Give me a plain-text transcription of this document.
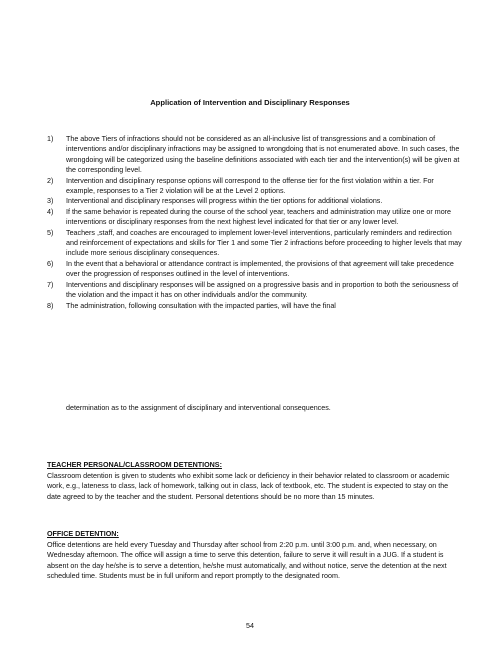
Application of Intervention and Disciplinary Responses
1) The above Tiers of infractions should not be considered as an all-inclusive list of transgressions and a combination of interventions and/or disciplinary infractions may be assigned to wrongdoing that is not enumerated above. In such cases, the wrongdoing will be categorized using the baseline definitions associated with each tier and the intervention(s) will be given at the corresponding level.
2) Intervention and disciplinary response options will correspond to the offense tier for the first violation within a tier. For example, responses to a Tier 2 violation will be at the Level 2 options.
3) Interventional and disciplinary responses will progress within the tier options for additional violations.
4) If the same behavior is repeated during the course of the school year, teachers and administration may utilize one or more interventions or disciplinary responses from the next highest level indicated for that tier or any lower level.
5) Teachers ,staff, and coaches are encouraged to implement lower-level interventions, particularly reminders and redirection and reinforcement of expectations and skills for Tier 1 and some Tier 2 infractions before proceeding to higher levels that may include more serious disciplinary consequences.
6) In the event that a behavioral or attendance contract is implemented, the provisions of that agreement will take precedence over the progression of responses outlined in the level of interventions.
7) Interventions and disciplinary responses will be assigned on a progressive basis and in proportion to both the seriousness of the violation and the impact it has on other individuals and/or the community.
8) The administration, following consultation with the impacted parties, will have the final
determination as to the assignment of disciplinary and interventional consequences.
TEACHER PERSONAL/CLASSROOM DETENTIONS:
Classroom detention is given to students who exhibit some lack or deficiency in their behavior related to classroom or academic work, e.g., lateness to class, lack of homework, talking out in class, lack of textbook, etc. The student is expected to stay on the date agreed to by the teacher and the student. Personal detentions should be no more than 15 minutes.
OFFICE DETENTION:
Office detentions are held every Tuesday and Thursday after school from 2:20 p.m. until 3:00 p.m. and, when necessary, on Wednesday afternoon. The office will assign a time to serve this detention, failure to serve it will result in a JUG. If a student is absent on the day he/she is to serve a detention, he/she must automatically, and without notice, serve the detention at the next scheduled time. Students must be in full uniform and report promptly to the designated room.
54
